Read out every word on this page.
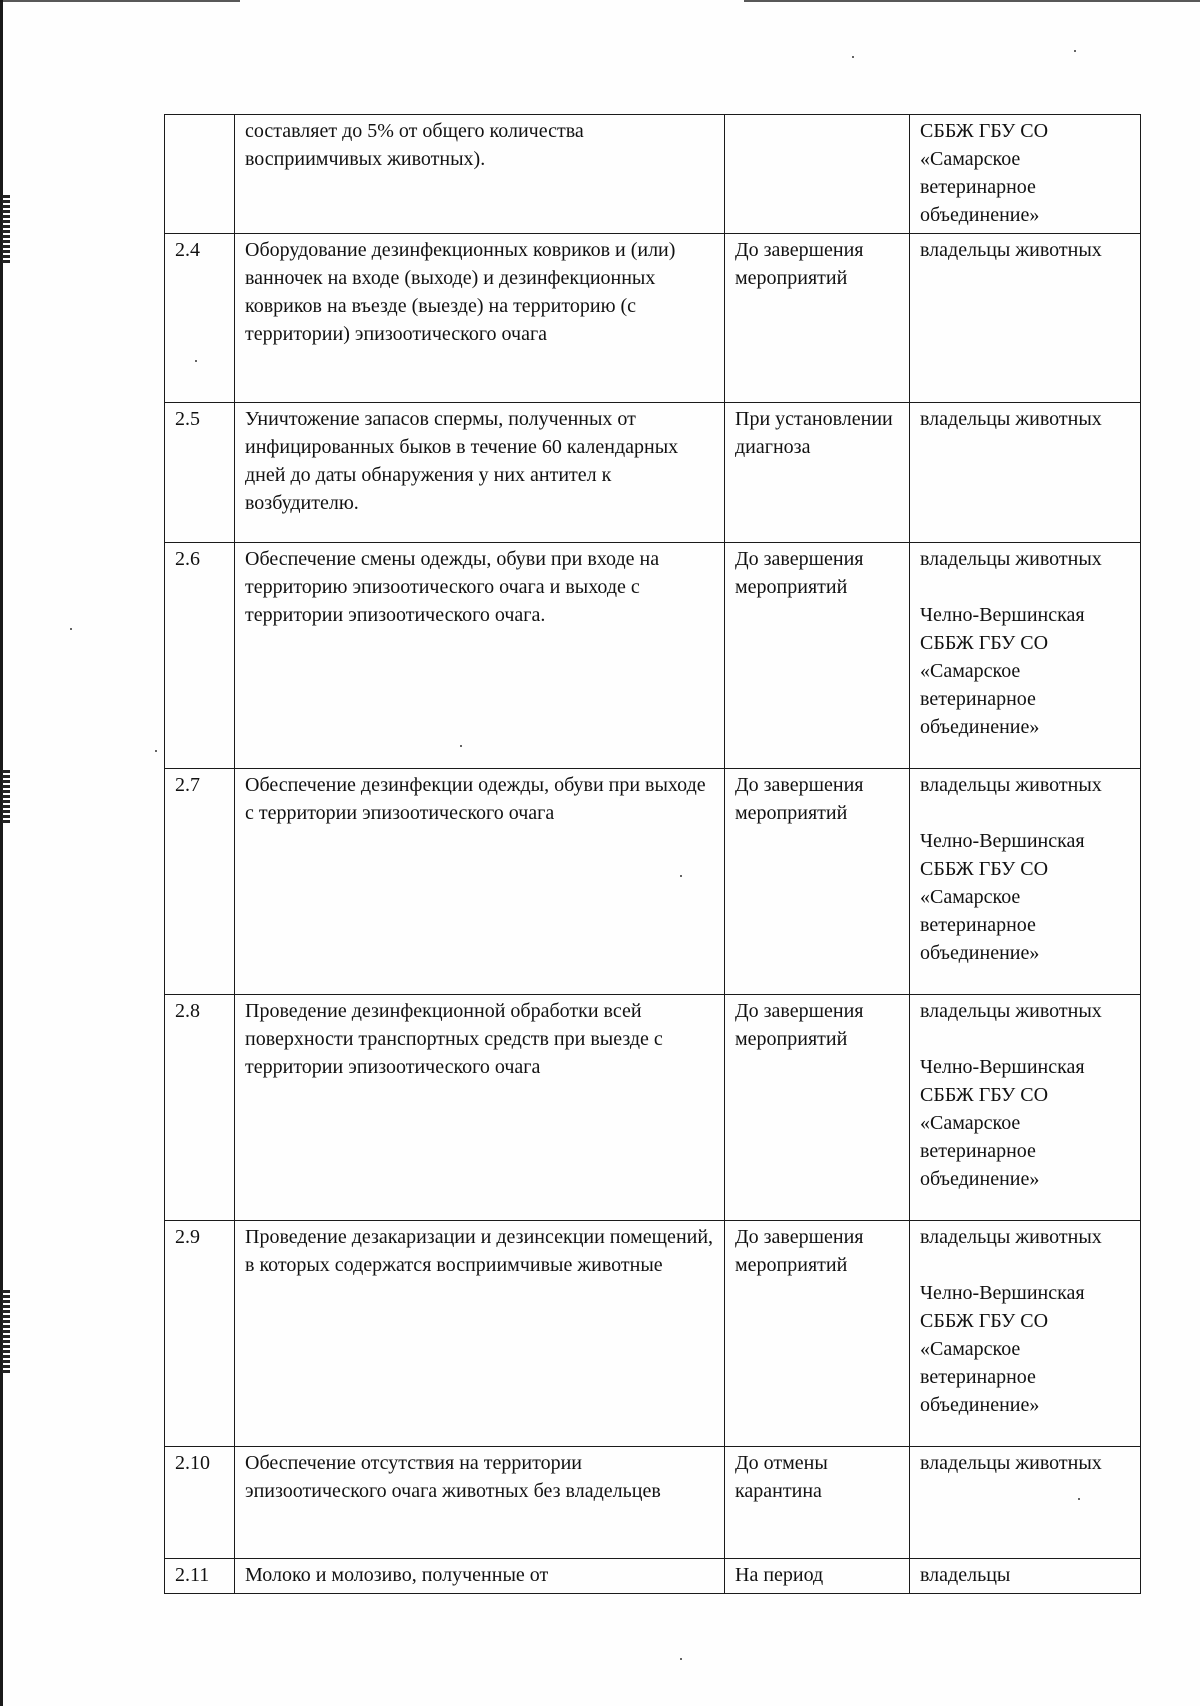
	составляет до 5% от общего количества восприимчивых животных).		СББЖ ГБУ СО
«Самарское ветеринарное объединение»

2.4	Оборудование дезинфекционных ковриков и (или) ванночек на входе (выходе) и дезинфекционных ковриков на въезде (выезде) на территорию (с территории) эпизоотического очага	До завершения мероприятий	владельцы животных

2.5	Уничтожение запасов спермы, полученных от инфицированных быков в течение 60 календарных дней до даты обнаружения у них антител к возбудителю.	При установлении диагноза	владельцы животных

2.6	Обеспечение смены одежды, обуви при входе на территорию эпизоотического очага и выходе с территории эпизоотического очага.	До завершения мероприятий	владельцы животных
Челно-Вершинская СББЖ ГБУ СО «Самарское ветеринарное объединение»

2.7	Обеспечение дезинфекции одежды, обуви при выходе с территории эпизоотического очага	До завершения мероприятий	владельцы животных
Челно-Вершинская СББЖ ГБУ СО «Самарское ветеринарное объединение»

2.8	Проведение дезинфекционной обработки всей поверхности транспортных средств при выезде с территории эпизоотического очага	До завершения мероприятий	владельцы животных
Челно-Вершинская СББЖ ГБУ СО «Самарское ветеринарное объединение»

2.9	Проведение дезакаризации и дезинсекции помещений, в которых содержатся восприимчивые животные	До завершения мероприятий	владельцы животных
Челно-Вершинская СББЖ ГБУ СО «Самарское ветеринарное объединение»

2.10	Обеспечение отсутствия на территории эпизоотического очага животных без владельцев	До отмены карантина	владельцы животных

2.11	Молоко и молозиво, полученные от	На период	владельцы
